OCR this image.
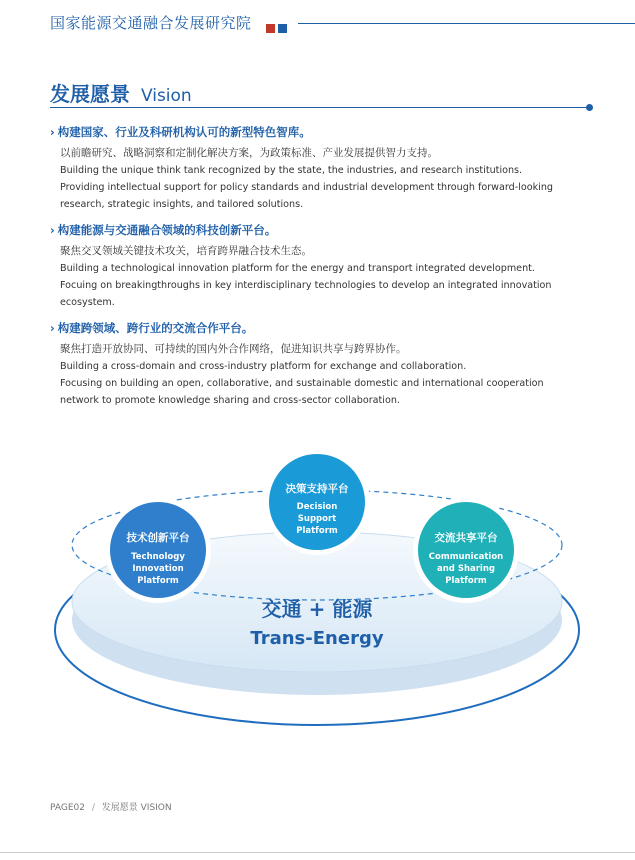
国家能源交通融合发展研究院
发展愿景 Vision
› 构建国家、行业及科研机构认可的新型特色智库。
以前瞻研究、战略洞察和定制化解决方案，为政策标准、产业发展提供智力支持。
Building the unique think tank recognized by the state, the industries, and research institutions.
Providing intellectual support for policy standards and industrial development through forward-looking
research, strategic insights, and tailored solutions.
› 构建能源与交通融合领域的科技创新平台。
聚焦交叉领域关键技术攻关，培育跨界融合技术生态。
Building a technological innovation platform for the energy and transport integrated development.
Focuing on breakingthroughs in key interdisciplinary technologies to develop an integrated innovation
ecosystem.
› 构建跨领域、跨行业的交流合作平台。
聚焦打造开放协同、可持续的国内外合作网络，促进知识共享与跨界协作。
Building a cross-domain and cross-industry platform for exchange and collaboration.
Focusing on building an open, collaborative, and sustainable domestic and international cooperation
network to promote knowledge sharing and cross-sector collaboration.
交通 + 能源
Trans-Energy
技术创新平台
Technology
Innovation
Platform
决策支持平台
Decision
Support
Platform
交流共享平台
Communication
and Sharing
Platform
PAGE02 / 发展愿景 VISION
